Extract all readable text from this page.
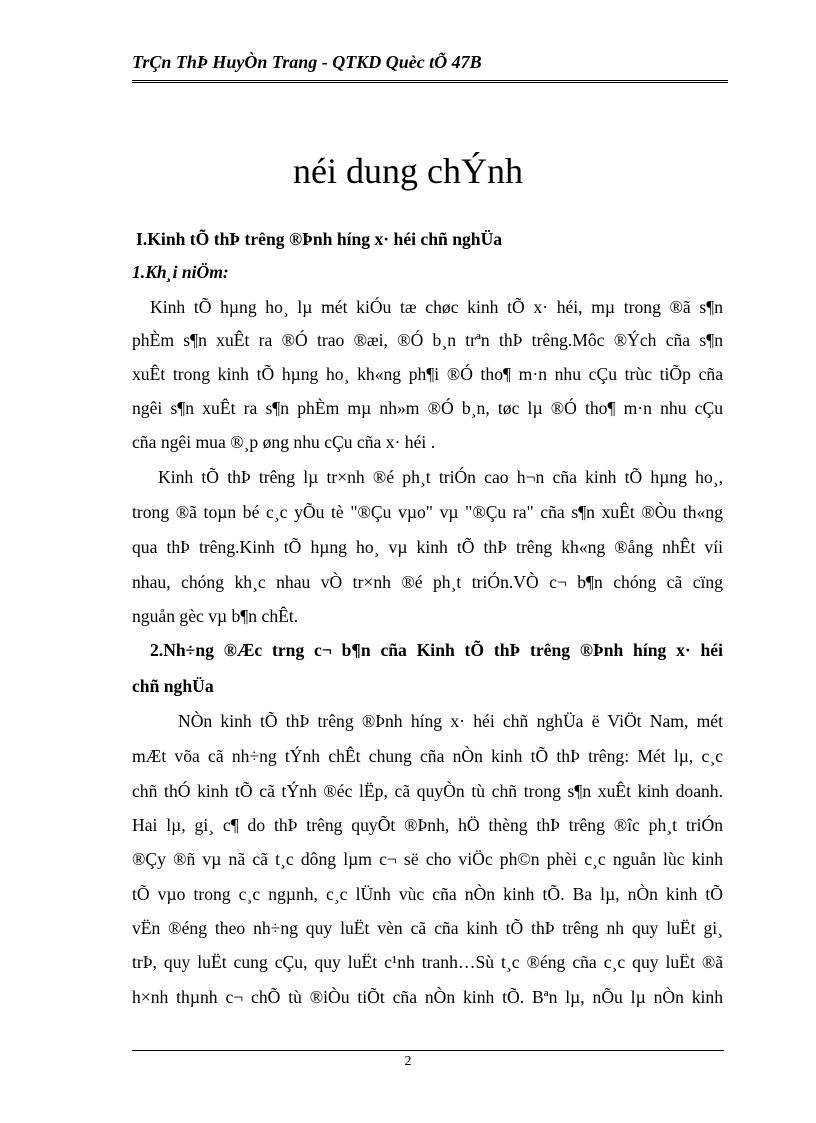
TrÇn ThÞ HuyÒn Trang - QTKD Quèc tÕ 47B
néi dung chÝnh
I.Kinh tÕ thÞ trêng ®Þnh híng x· héi chñ nghÜa
1.Kh¸i niÖm:
Kinh tÕ hµng ho¸ lµ mét kiÓu tæ chøc kinh tÕ x· héi, mµ trong ®ã s¶n
phÈm s¶n xuÊt ra ®Ó trao ®æi, ®Ó b¸n trªn thÞ trêng.Môc ®Ých cña s¶n
xuÊt trong kinh tÕ hµng ho¸ kh«ng ph¶i ®Ó tho¶ m·n nhu cÇu trùc tiÕp cña
ngêi s¶n xuÊt ra s¶n phÈm mµ nh»m ®Ó b¸n, tøc lµ ®Ó tho¶ m·n nhu cÇu
cña ngêi mua ®¸p øng nhu cÇu cña x· héi .
Kinh tÕ thÞ trêng lµ tr×nh ®é ph¸t triÓn cao h¬n cña kinh tÕ hµng ho¸,
trong ®ã toµn bé c¸c yÕu tè "®Çu vµo" vµ "®Çu ra" cña s¶n xuÊt ®Òu th«ng
qua thÞ trêng.Kinh tÕ hµng ho¸ vµ kinh tÕ thÞ trêng kh«ng ®ång nhÊt víi
nhau, chóng kh¸c nhau vÒ tr×nh ®é ph¸t triÓn.VÒ c¬ b¶n chóng cã cïng
nguån gèc vµ b¶n chÊt.
2.Nh÷ng ®Æc trng c¬ b¶n cña Kinh tÕ thÞ trêng ®Þnh híng x· héi
chñ nghÜa
NÒn kinh tÕ thÞ trêng ®Þnh híng x· héi chñ nghÜa ë ViÖt Nam, mét
mÆt võa cã nh÷ng tÝnh chÊt chung cña nÒn kinh tÕ thÞ trêng: Mét lµ, c¸c
chñ thÓ kinh tÕ cã tÝnh ®éc lËp, cã quyÒn tù chñ trong s¶n xuÊt kinh doanh.
Hai lµ, gi¸ c¶ do thÞ trêng quyÕt ®Þnh, hÖ thèng thÞ trêng ®îc ph¸t triÓn
®Çy ®ñ vµ nã cã t¸c dông lµm c¬ së cho viÖc ph©n phèi c¸c nguån lùc kinh
tÕ vµo trong c¸c ngµnh, c¸c lÜnh vùc cña nÒn kinh tÕ. Ba lµ, nÒn kinh tÕ
vËn ®éng theo nh÷ng quy luËt vèn cã cña kinh tÕ thÞ trêng nh quy luËt gi¸
trÞ, quy luËt cung cÇu, quy luËt c¹nh tranh…Sù t¸c ®éng cña c¸c quy luËt ®ã
h×nh thµnh c¬ chÕ tù ®iÒu tiÕt cña nÒn kinh tÕ. Bªn lµ, nÕu lµ nÒn kinh
2
